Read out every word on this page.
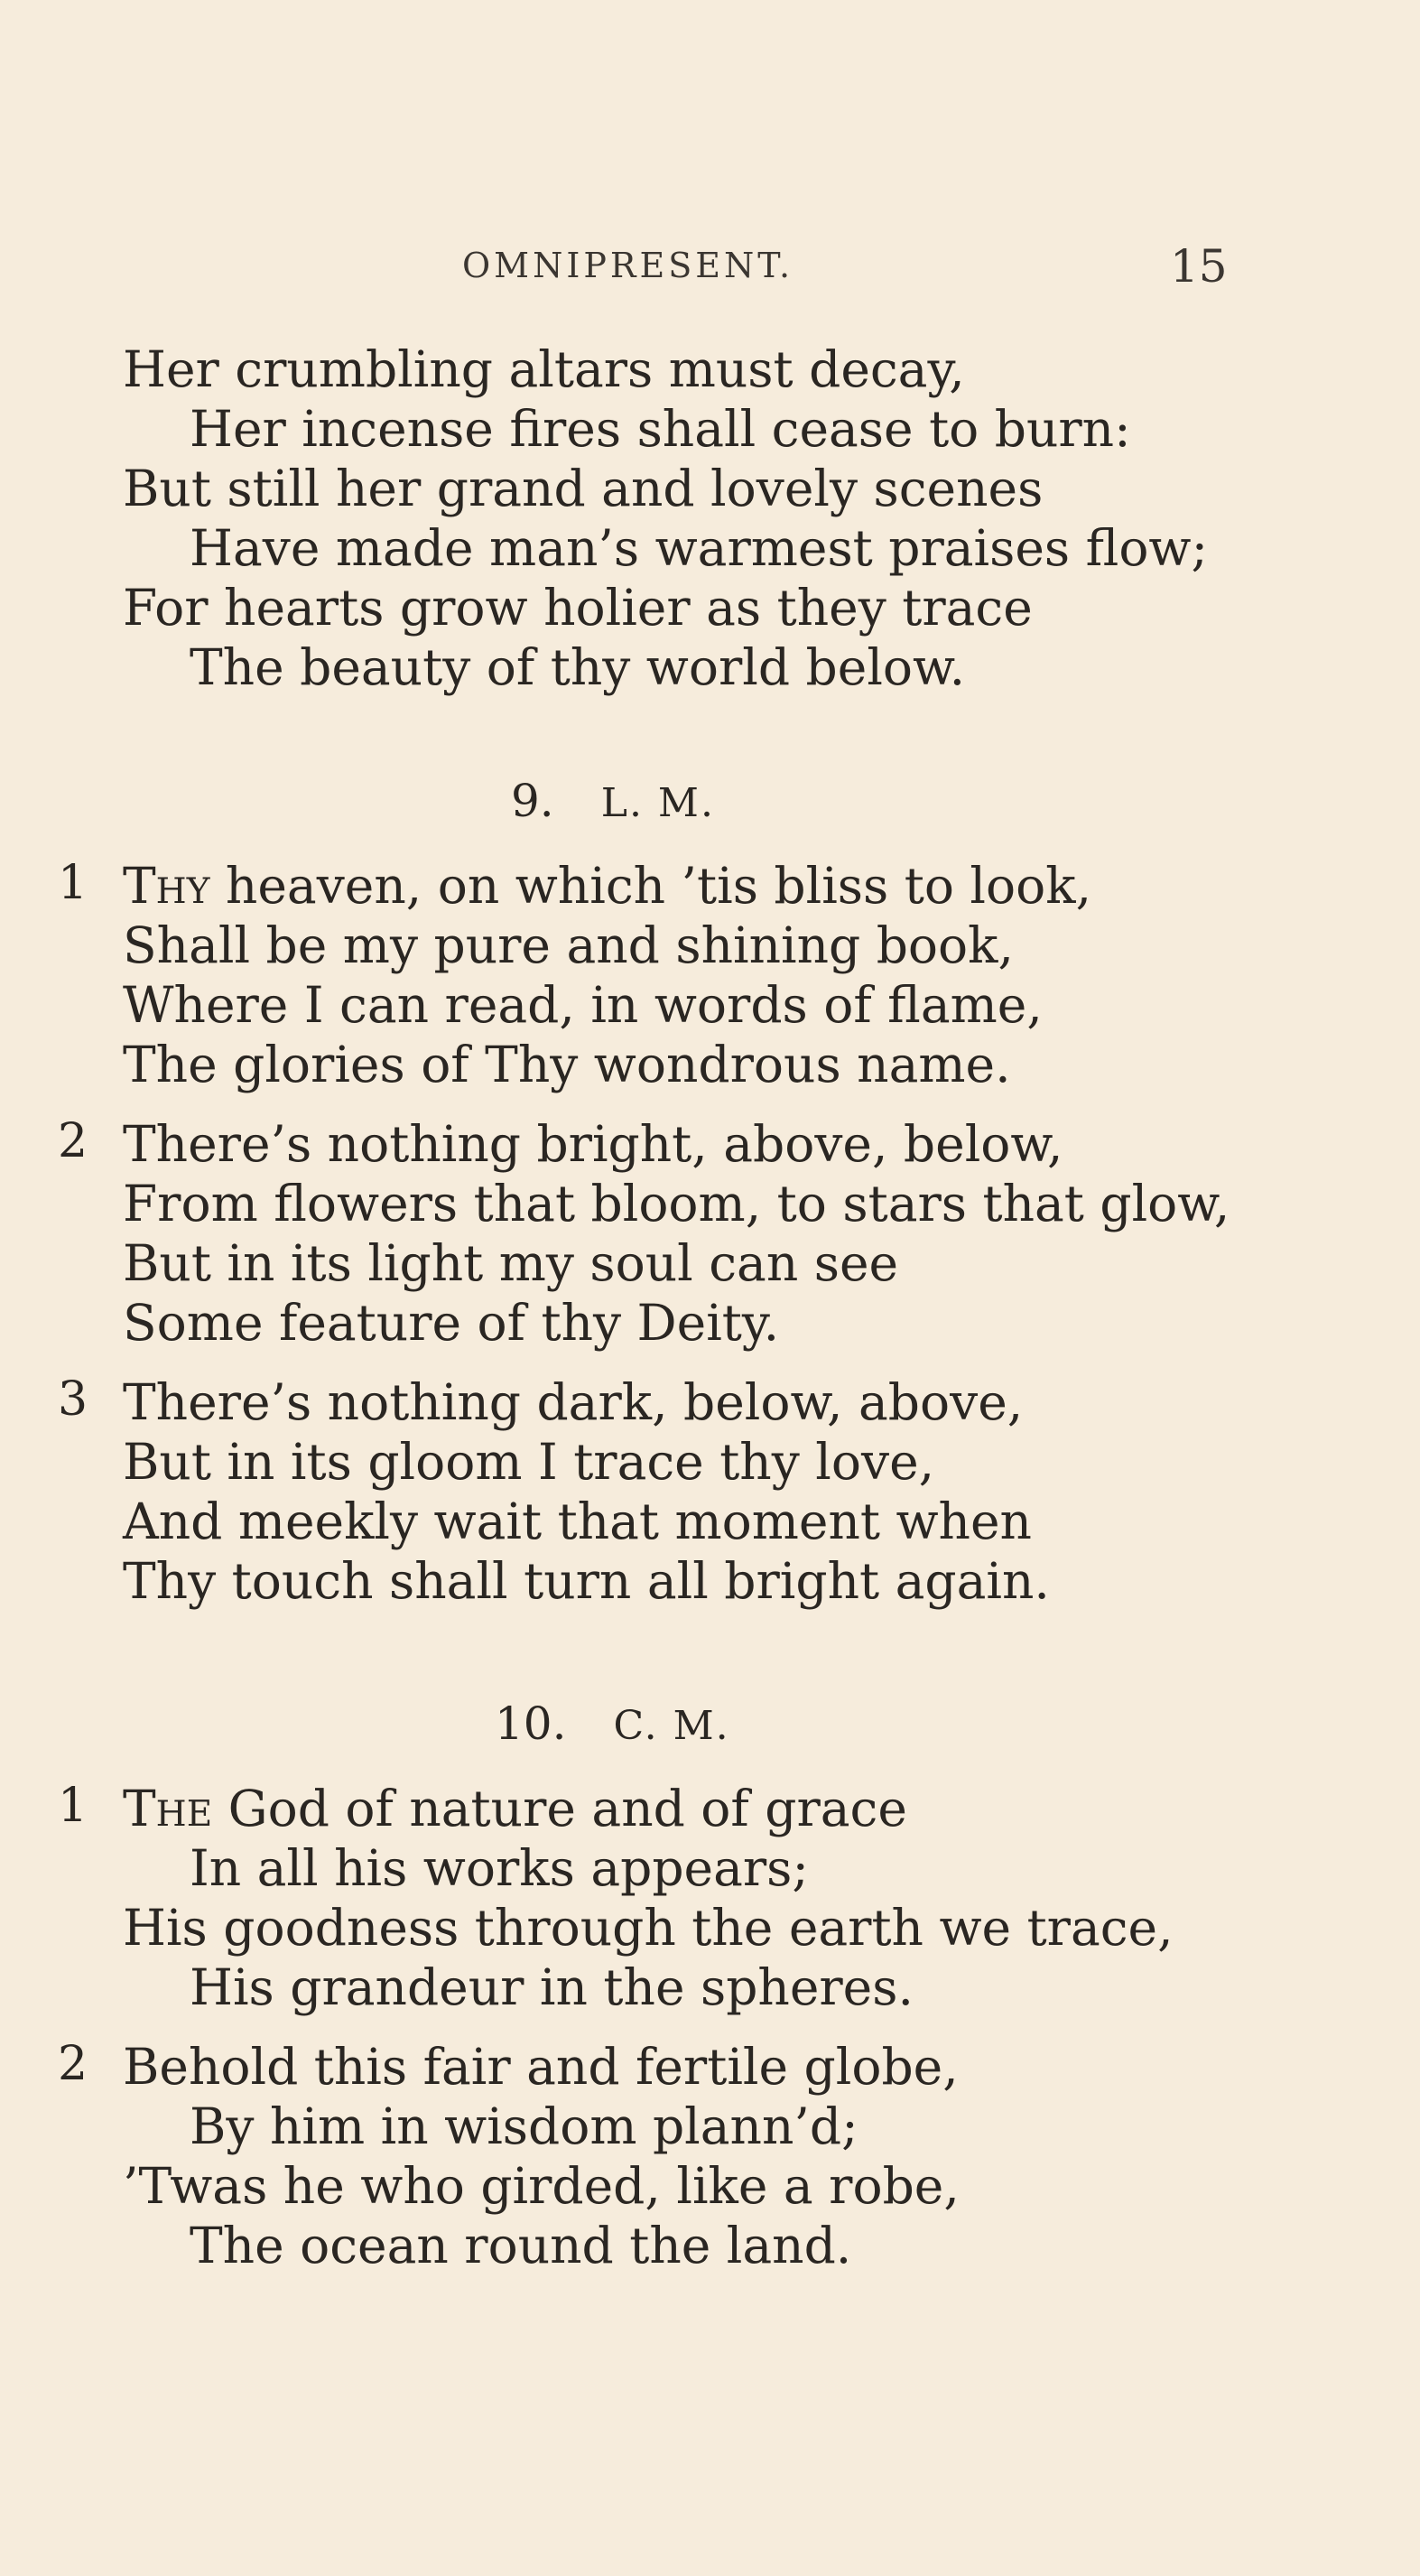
OMNIPRESENT.	15
Her crumbling altars must decay,
Her incense fires shall cease to burn:
But still her grand and lovely scenes
Have made man’s warmest praises flow;
For hearts grow holier as they trace
The beauty of thy world below.
9. L. M.
1 Thy heaven, on which ’tis bliss to look,
Shall be my pure and shining book,
Where I can read, in words of flame,
The glories of Thy wondrous name.
2 There’s nothing bright, above, below,
From flowers that bloom, to stars that glow,
But in its light my soul can see
Some feature of thy Deity.
3 There’s nothing dark, below, above,
But in its gloom I trace thy love,
And meekly wait that moment when
Thy touch shall turn all bright again.
10. C. M.
1 The God of nature and of grace
In all his works appears;
His goodness through the earth we trace,
His grandeur in the spheres.
2 Behold this fair and fertile globe,
By him in wisdom plann’d;
’Twas he who girded, like a robe,
The ocean round the land.
